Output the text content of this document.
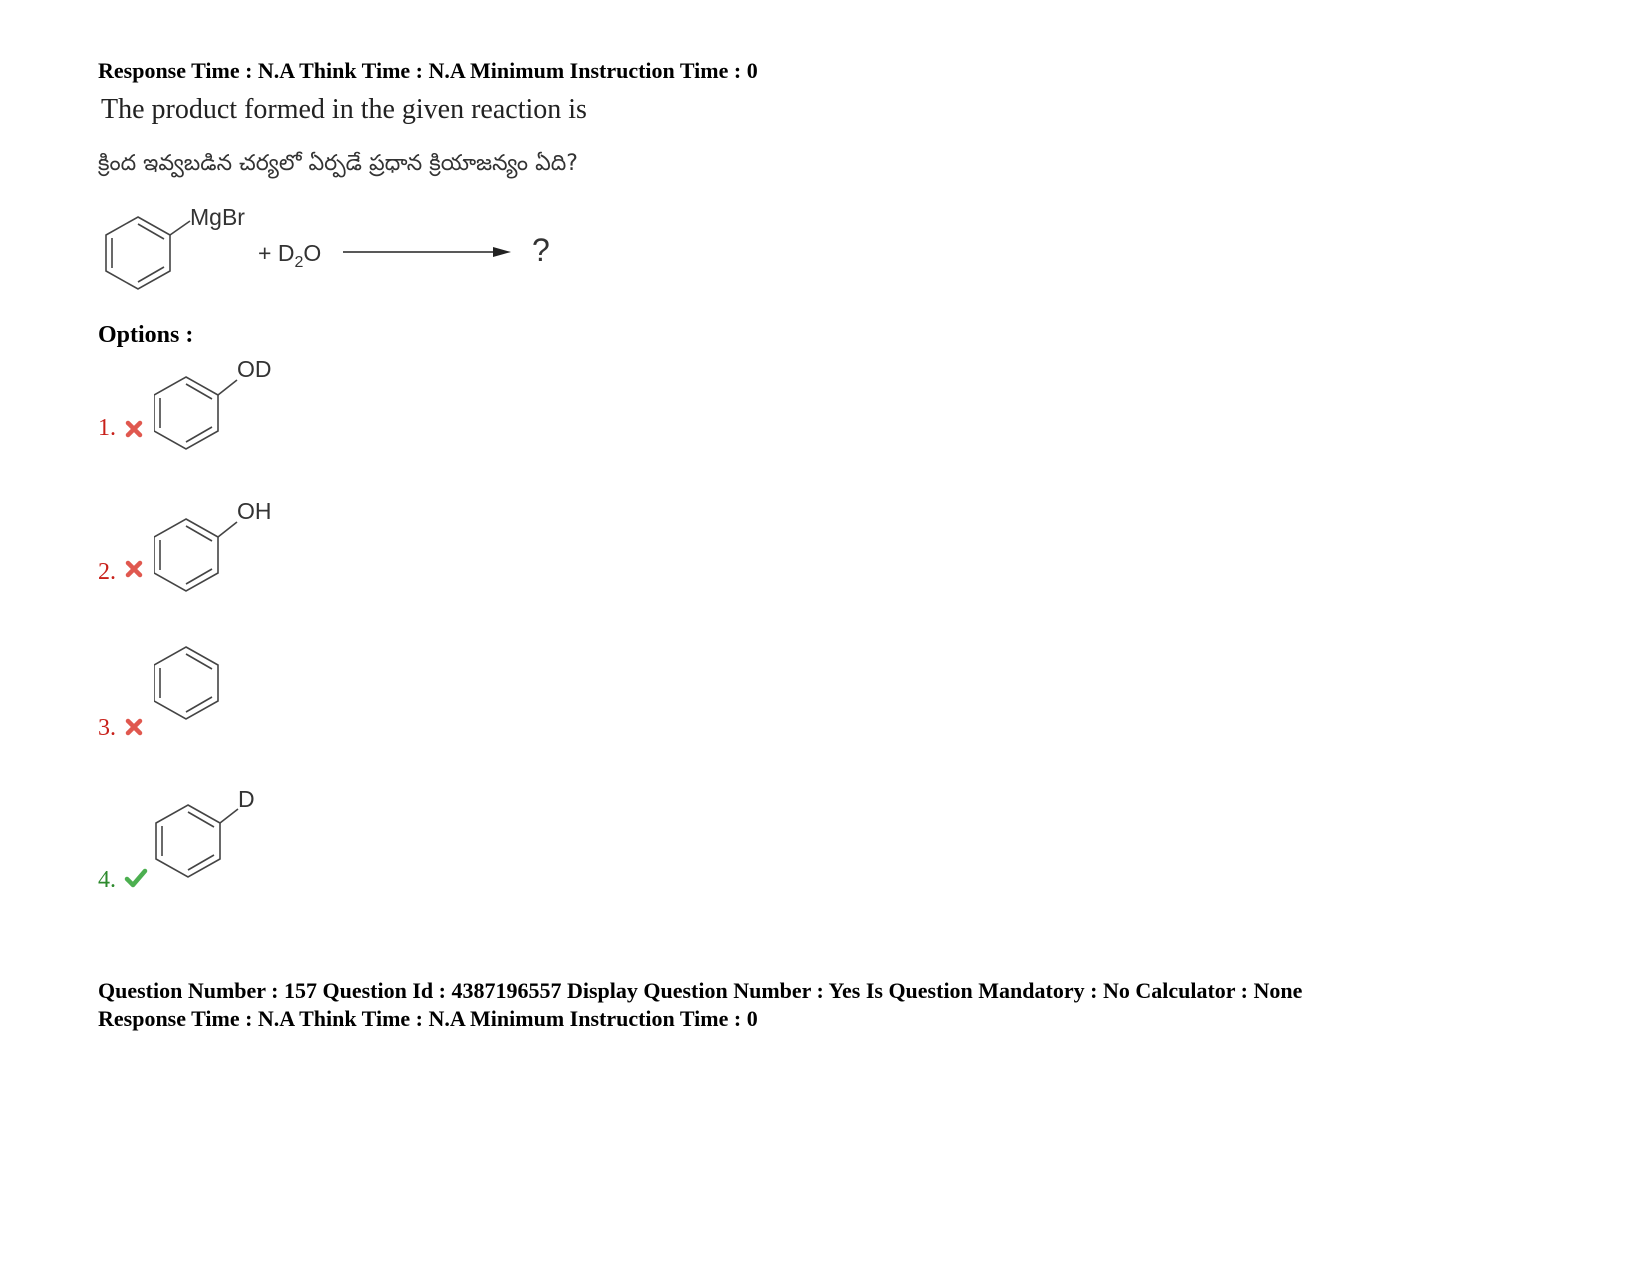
Response Time : N.A Think Time : N.A Minimum Instruction Time : 0
The product formed in the given reaction is
క్రింద ఇవ్వబడిన చర్యలో ఏర్పడే ప్రధాన క్రియాజన్యం ఏది?
MgBr
+ $D_2O$	?
Options :
1.
OD
2.
OH
3.
4.
D
Question Number : 157 Question Id : 4387196557 Display Question Number : Yes Is Question Mandatory : No Calculator : None
Response Time : N.A Think Time : N.A Minimum Instruction Time : 0
